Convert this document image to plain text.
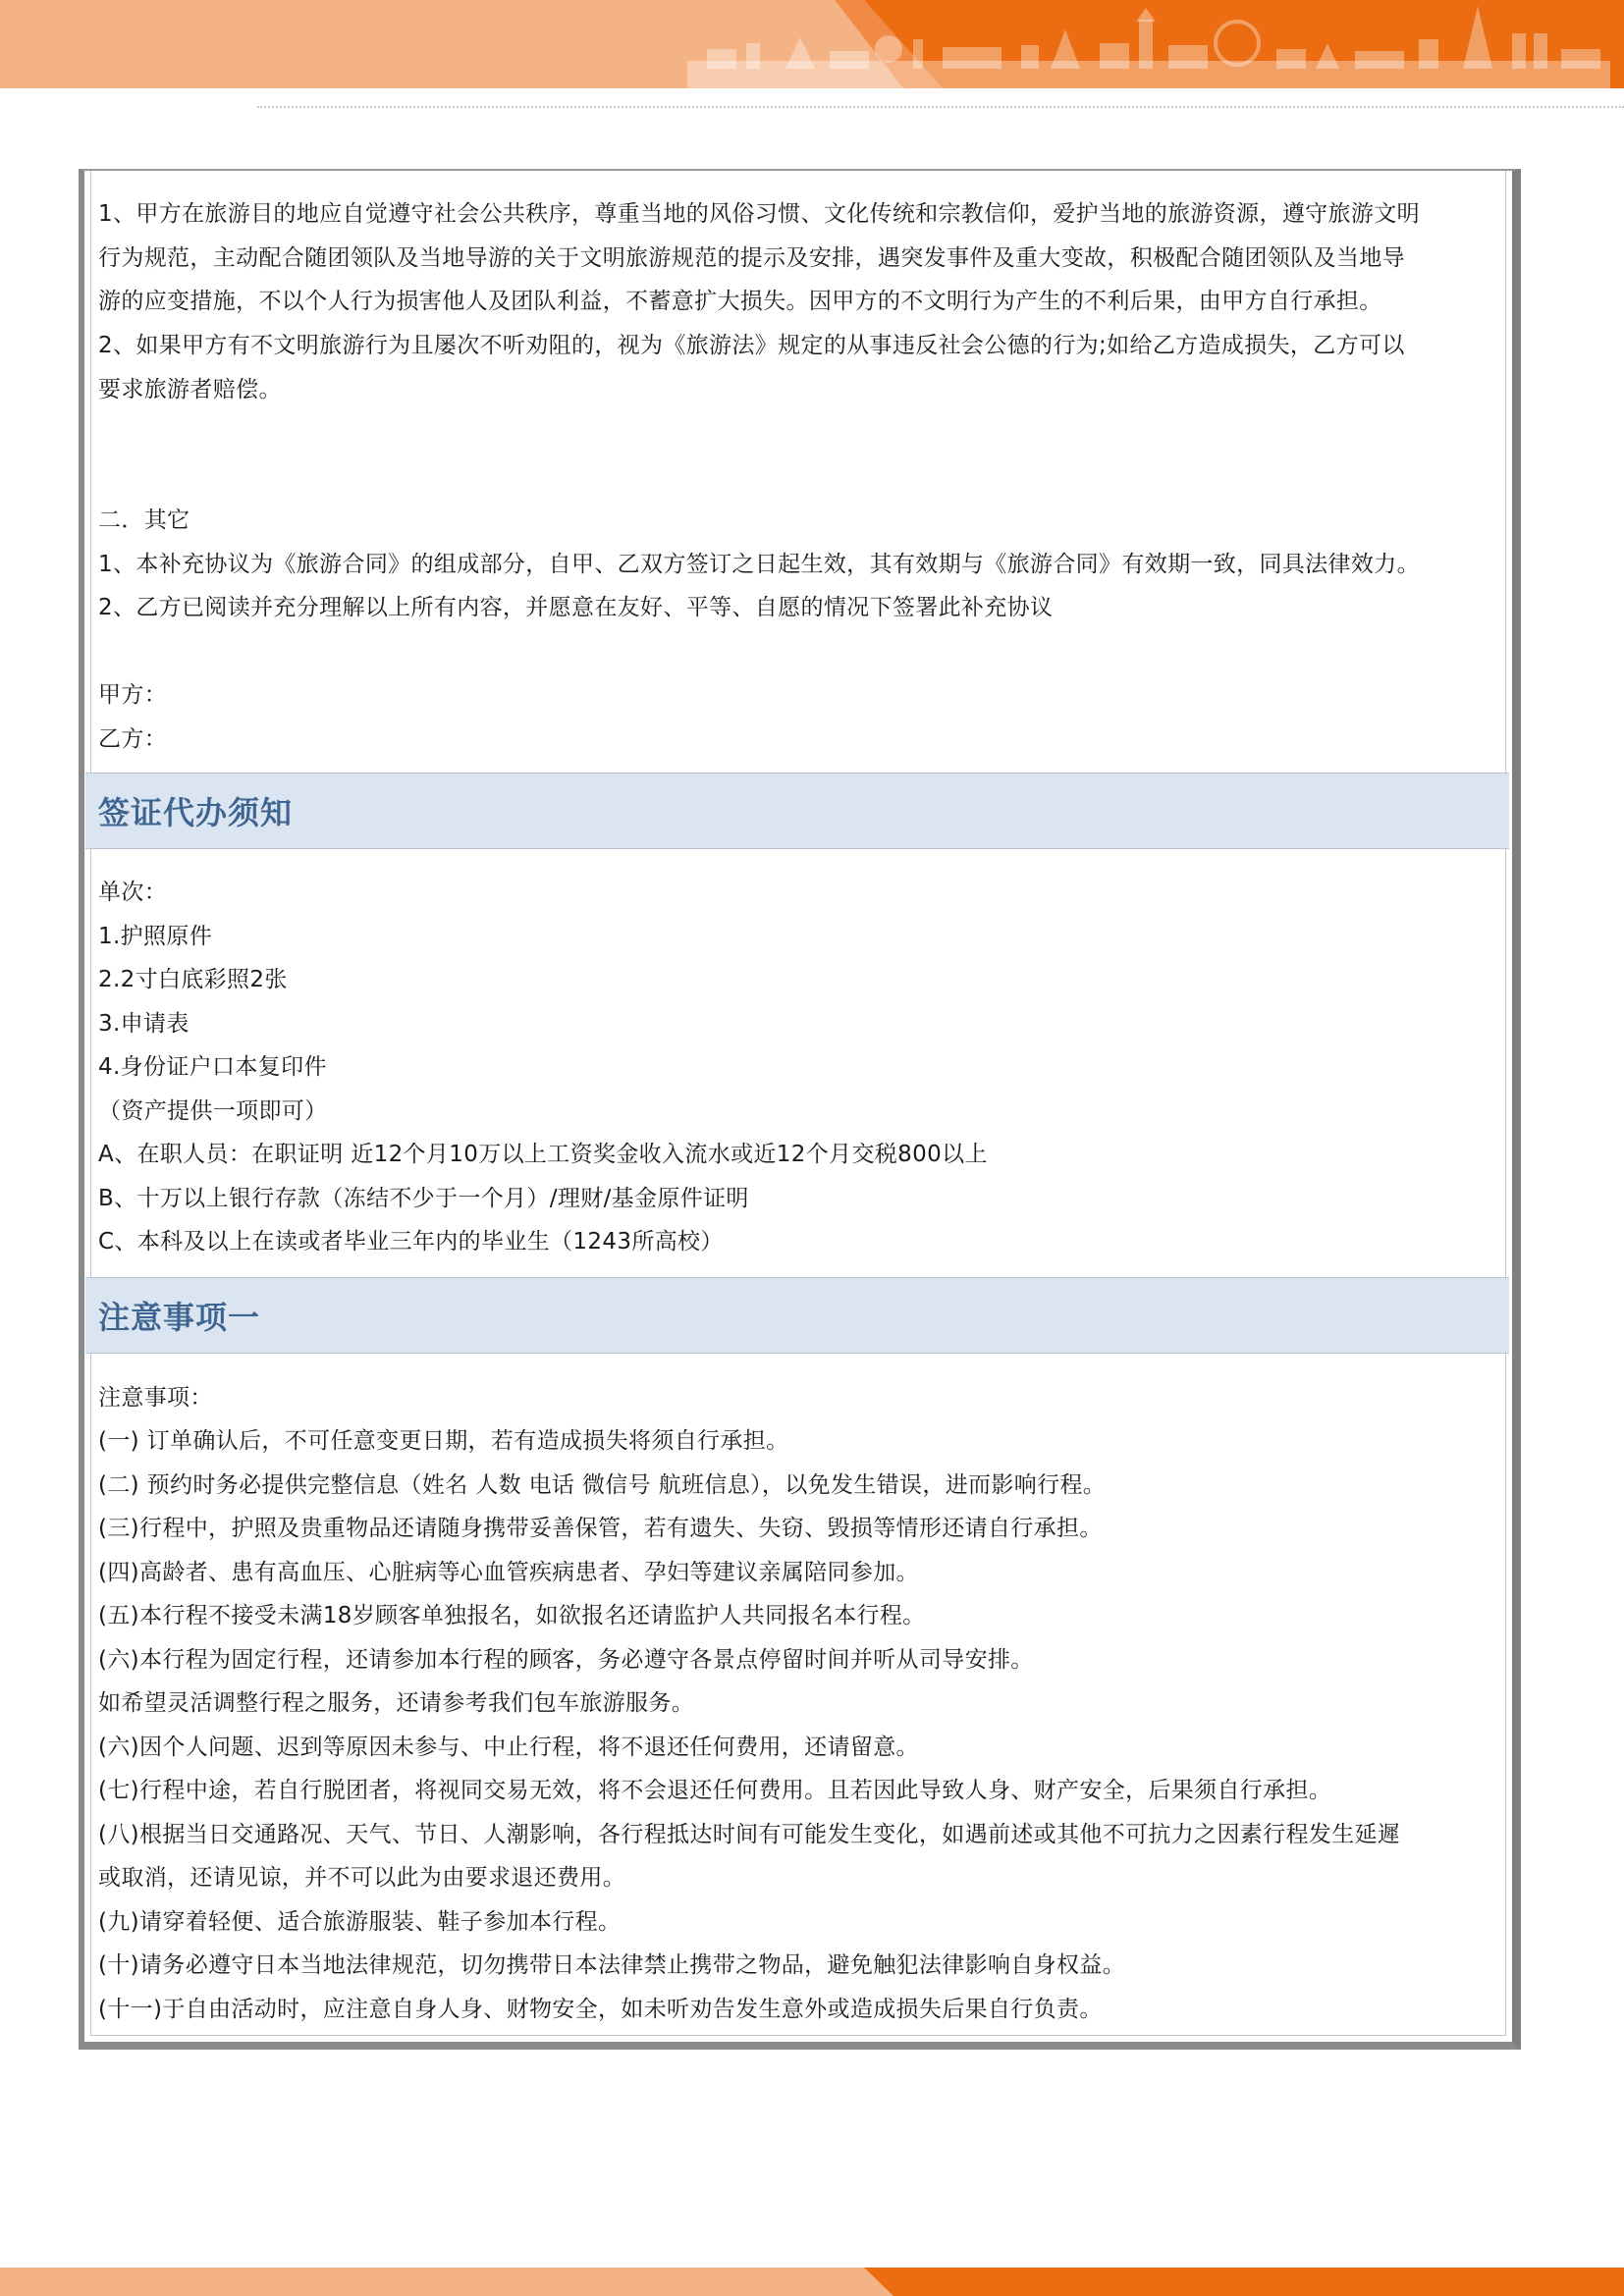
1、甲方在旅游目的地应自觉遵守社会公共秩序，尊重当地的风俗习惯、文化传统和宗教信仰，爱护当地的旅游资源，遵守旅游文明
行为规范，主动配合随团领队及当地导游的关于文明旅游规范的提示及安排，遇突发事件及重大变故，积极配合随团领队及当地导
游的应变措施，不以个人行为损害他人及团队利益，不蓄意扩大损失。因甲方的不文明行为产生的不利后果，由甲方自行承担。
2、如果甲方有不文明旅游行为且屡次不听劝阻的，视为《旅游法》规定的从事违反社会公德的行为;如给乙方造成损失，乙方可以
要求旅游者赔偿。
二．其它
1、本补充协议为《旅游合同》的组成部分，自甲、乙双方签订之日起生效，其有效期与《旅游合同》有效期一致，同具法律效力。
2、乙方已阅读并充分理解以上所有内容，并愿意在友好、平等、自愿的情况下签署此补充协议
甲方：
乙方：
签证代办须知
单次：
1.护照原件
2.2寸白底彩照2张
3.申请表
4.身份证户口本复印件
（资产提供一项即可）
A、在职人员：在职证明 近12个月10万以上工资奖金收入流水或近12个月交税800以上
B、十万以上银行存款（冻结不少于一个月）/理财/基金原件证明
C、本科及以上在读或者毕业三年内的毕业生（1243所高校）
注意事项一
注意事项：
(一) 订单确认后，不可任意变更日期，若有造成损失将须自行承担。
(二) 预约时务必提供完整信息（姓名 人数 电话 微信号 航班信息），以免发生错误，进而影响行程。
(三)行程中，护照及贵重物品还请随身携带妥善保管，若有遗失、失窃、毁损等情形还请自行承担。
(四)高龄者、患有高血压、心脏病等心血管疾病患者、孕妇等建议亲属陪同参加。
(五)本行程不接受未满18岁顾客单独报名，如欲报名还请监护人共同报名本行程。
(六)本行程为固定行程，还请参加本行程的顾客，务必遵守各景点停留时间并听从司导安排。
如希望灵活调整行程之服务，还请参考我们包车旅游服务。
(六)因个人问题、迟到等原因未参与、中止行程，将不退还任何费用，还请留意。
(七)行程中途，若自行脱团者，将视同交易无效，将不会退还任何费用。且若因此导致人身、财产安全，后果须自行承担。
(八)根据当日交通路况、天气、节日、人潮影响，各行程抵达时间有可能发生变化，如遇前述或其他不可抗力之因素行程发生延遲
或取消，还请见谅，并不可以此为由要求退还费用。
(九)请穿着轻便、适合旅游服装、鞋子参加本行程。
(十)请务必遵守日本当地法律规范，切勿携带日本法律禁止携带之物品，避免触犯法律影响自身权益。
(十一)于自由活动时，应注意自身人身、财物安全，如未听劝告发生意外或造成损失后果自行负责。
